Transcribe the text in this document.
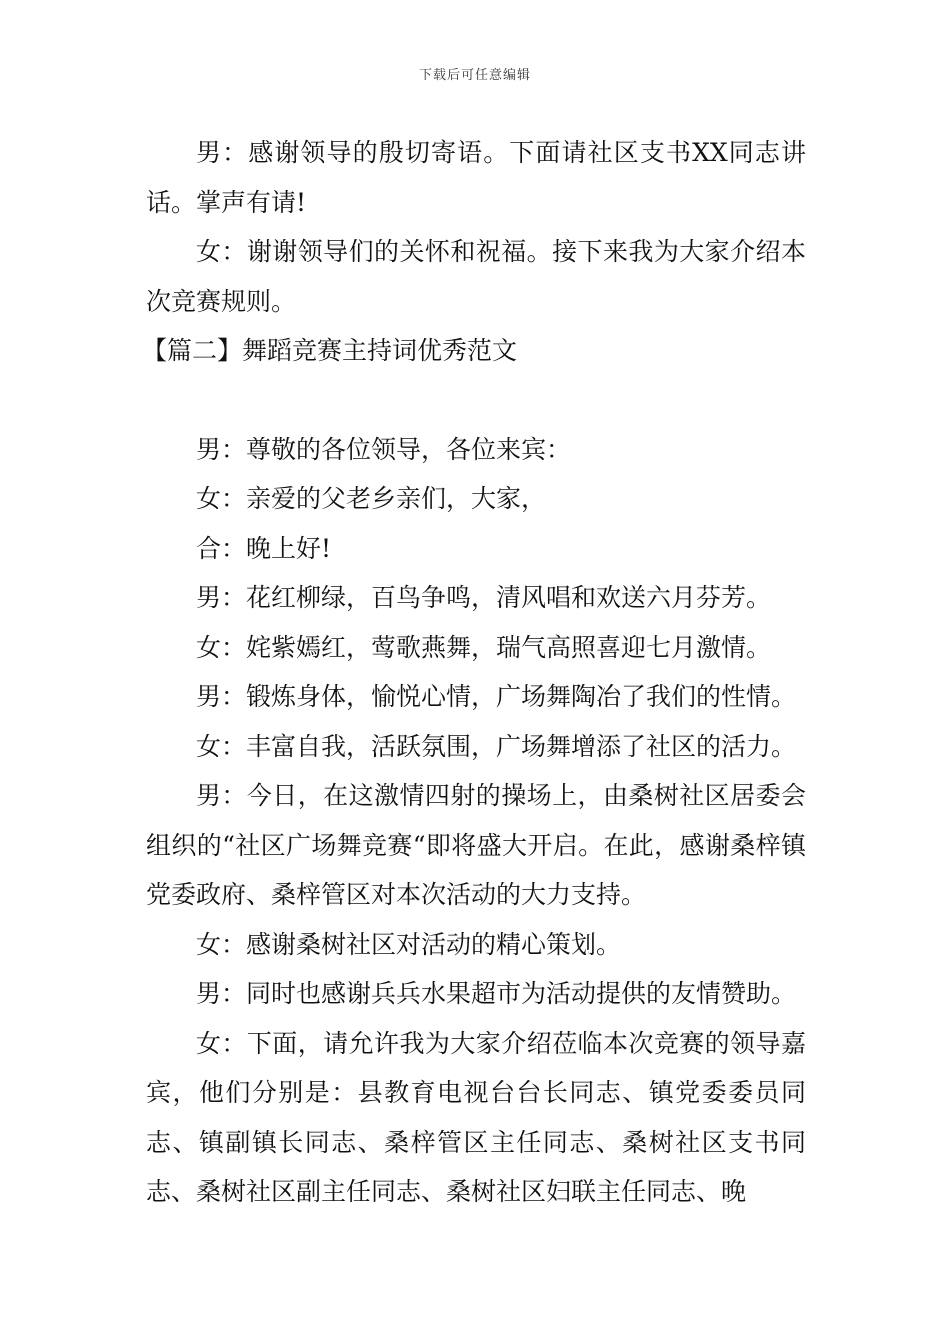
下载后可任意编辑

男：感谢领导的殷切寄语。下面请社区支书XX同志讲话。掌声有请!

女：谢谢领导们的关怀和祝福。接下来我为大家介绍本次竞赛规则。

【篇二】舞蹈竞赛主持词优秀范文

男：尊敬的各位领导，各位来宾：

女：亲爱的父老乡亲们，大家，

合：晚上好!

男：花红柳绿，百鸟争鸣，清风唱和欢送六月芬芳。

女：姹紫嫣红，莺歌燕舞，瑞气高照喜迎七月激情。

男：锻炼身体，愉悦心情，广场舞陶冶了我们的性情。

女：丰富自我，活跃氛围，广场舞增添了社区的活力。

男：今日，在这激情四射的操场上，由桑树社区居委会组织的“社区广场舞竞赛“即将盛大开启。在此，感谢桑梓镇党委政府、桑梓管区对本次活动的大力支持。

女：感谢桑树社区对活动的精心策划。

男：同时也感谢兵兵水果超市为活动提供的友情赞助。

女：下面，请允许我为大家介绍莅临本次竞赛的领导嘉宾，他们分别是：县教育电视台台长同志、镇党委委员同志、镇副镇长同志、桑梓管区主任同志、桑树社区支书同志、桑树社区副主任同志、桑树社区妇联主任同志、晚
